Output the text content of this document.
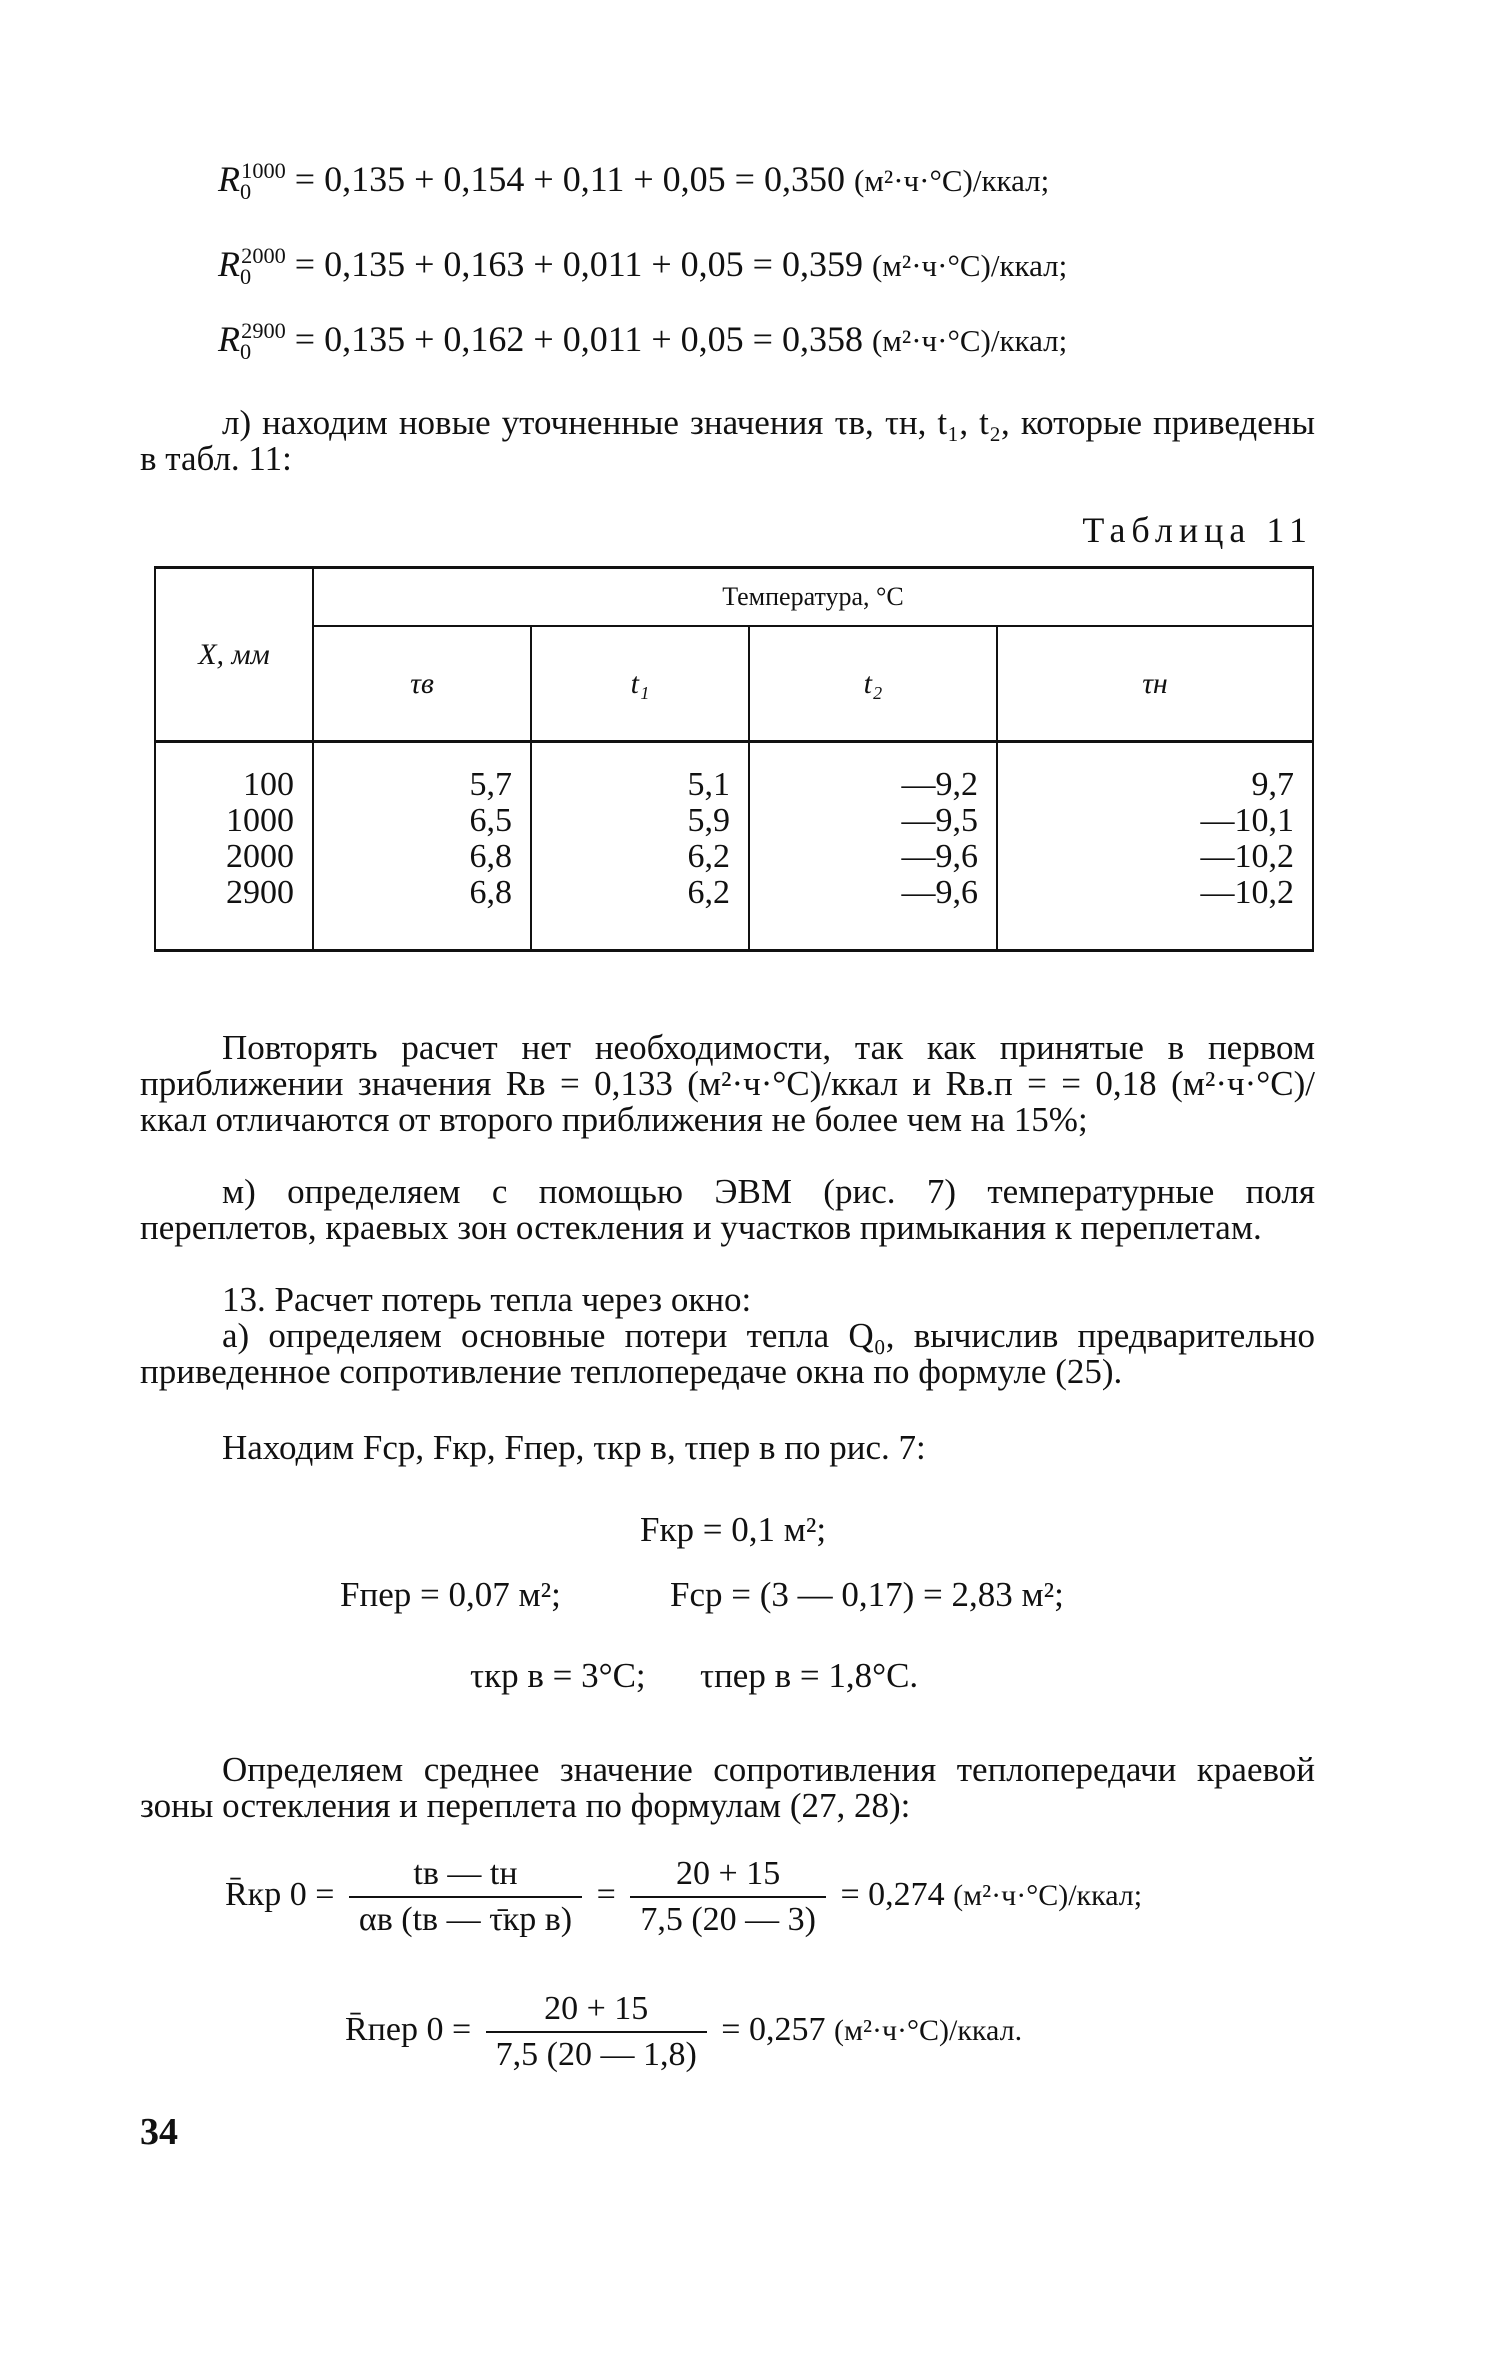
$R_0^{1000} = 0,135 + 0,154 + 0,11 + 0,05 = 0,350$ (м²·ч·°С)/ккал;
$R_0^{2000} = 0,135 + 0,163 + 0,011 + 0,05 = 0,359$ (м²·ч·°С)/ккал;
$R_0^{2900} = 0,135 + 0,162 + 0,011 + 0,05 = 0,358$ (м²·ч·°С)/ккал;
л) находим новые уточненные значения τв, τн, t₁, t₂, которые приведены в табл. 11:
Таблица 11
X, мм	Температура, °С			
	τв	t₁	t₂	τн
100	5,7	5,1	—9,2	9,7
1000	6,5	5,9	—9,5	—10,1
2000	6,8	6,2	—9,6	—10,2
2900	6,8	6,2	—9,6	—10,2
Повторять расчет нет необходимости, так как принятые в первом приближении значения Rв = 0,133 (м²·ч·°С)/ккал и Rв.п = = 0,18 (м²·ч·°С)/ккал отличаются от второго приближения не более чем на 15%;
м) определяем с помощью ЭВМ (рис. 7) температурные поля переплетов, краевых зон остекления и участков примыкания к переплетам.
13. Расчет потерь тепла через окно:
а) определяем основные потери тепла Q₀, вычислив предварительно приведенное сопротивление теплопередаче окна по формуле (25).
Находим Fср, Fкр, Fпер, τкр в, τпер в по рис. 7:
Fкр = 0,1 м²;
Fпер = 0,07 м²;	Fср = (3 — 0,17) = 2,83 м²;
τкр в = 3°С; τпер в = 1,8°С.
Определяем среднее значение сопротивления теплопередачи краевой зоны остекления и переплета по формулам (27, 28):
R̄кр $0 = \frac{tв — tн}{\text{αв (tв — τ̄кр в)}} = \frac{20 + 15}{7,5 (20 — 3)} = 0,274$ (м²·ч·°С)/ккал;
R̄пер $0 = \frac{20 + 15}{7,5 (20 — 1,8)} = 0,257$ (м²·ч·°С)/ккал.
34
